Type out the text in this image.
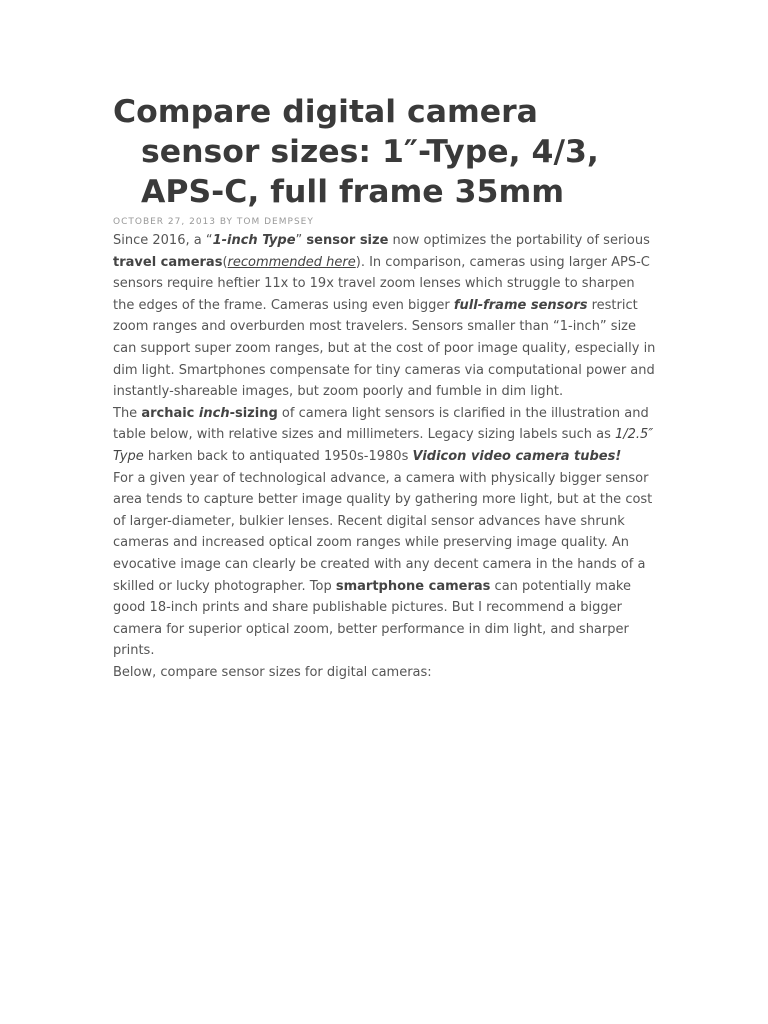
Compare digital camera sensor sizes: 1″-Type, 4/3, APS-C, full frame 35mm
OCTOBER 27, 2013 BY TOM DEMPSEY

Since 2016, a “1-inch Type” sensor size now optimizes the portability of serious travel cameras(recommended here). In comparison, cameras using larger APS-C sensors require heftier 11x to 19x travel zoom lenses which struggle to sharpen the edges of the frame. Cameras using even bigger full-frame sensors restrict zoom ranges and overburden most travelers. Sensors smaller than “1-inch” size can support super zoom ranges, but at the cost of poor image quality, especially in dim light. Smartphones compensate for tiny cameras via computational power and instantly-shareable images, but zoom poorly and fumble in dim light.

The archaic inch-sizing of camera light sensors is clarified in the illustration and table below, with relative sizes and millimeters. Legacy sizing labels such as 1/2.5″ Type harken back to antiquated 1950s-1980s Vidicon video camera tubes!

For a given year of technological advance, a camera with physically bigger sensor area tends to capture better image quality by gathering more light, but at the cost of larger-diameter, bulkier lenses. Recent digital sensor advances have shrunk cameras and increased optical zoom ranges while preserving image quality. An evocative image can clearly be created with any decent camera in the hands of a skilled or lucky photographer. Top smartphone cameras can potentially make good 18-inch prints and share publishable pictures. But I recommend a bigger camera for superior optical zoom, better performance in dim light, and sharper prints.

Below, compare sensor sizes for digital cameras:
